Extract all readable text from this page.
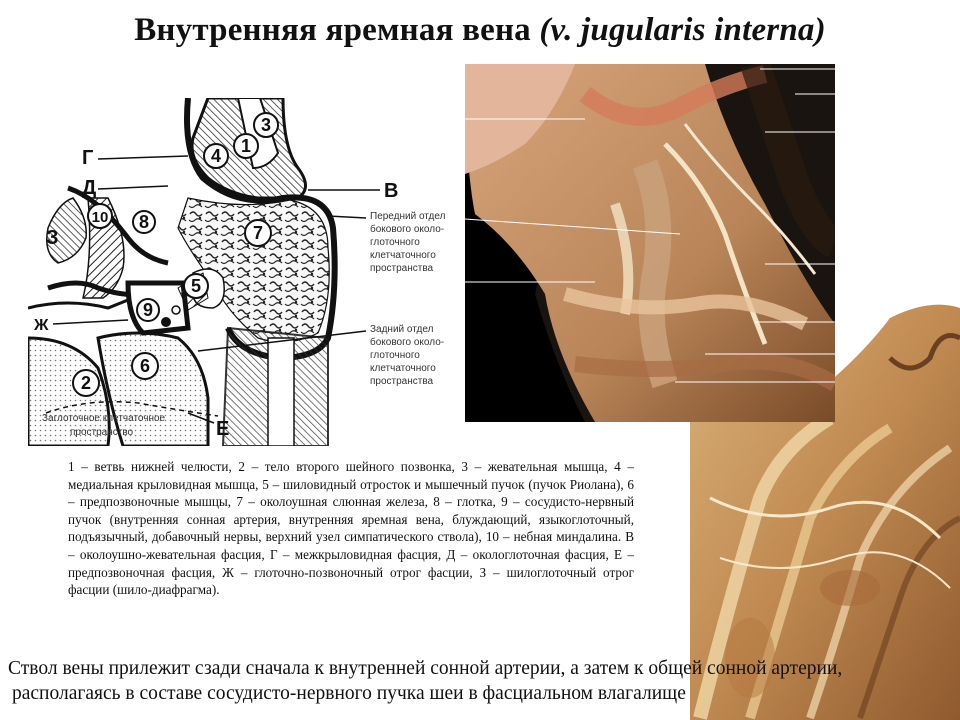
Внутренняя яремная вена (v. jugularis interna)
1
4
3
7
5
9
6
2
8
10
В
Г
Д
З
Ж
Е
Передний отдел
бокового около-
глоточного
клетчаточного
пространства
Задний отдел
бокового около-
глоточного
клетчаточного
пространства
Заглоточное клетчаточное
пространство
1 – ветвь нижней челюсти, 2 – тело второго шейного позвонка, 3 – жевательная мышца, 4 – медиальная крыловидная мышца, 5 – шиловидный отросток и мышечный пучок (пучок Риолана), 6 – предпозвоночные мышцы, 7 – околоушная слюнная железа, 8 – глотка, 9 – сосудисто-нервный пучок (внутренняя сонная артерия, внутренняя яремная вена, блуждающий, языкоглоточный, подъязычный, добавочный нервы, верхний узел симпатического ствола), 10 – небная миндалина. В – околоушно-жевательная фасция, Г – межкрыловидная фасция, Д – окологлоточная фасция, Е – предпозвоночная фасция, Ж – глоточно-позвоночный отрог фасции, З – шилоглоточный отрог фасции (шило-диафрагма).
Ствол вены прилежит сзади сначала к внутренней сонной артерии, а затем к общей сонной артерии,
располагаясь в составе сосудисто-нервного пучка шеи в фасциальном влагалище
